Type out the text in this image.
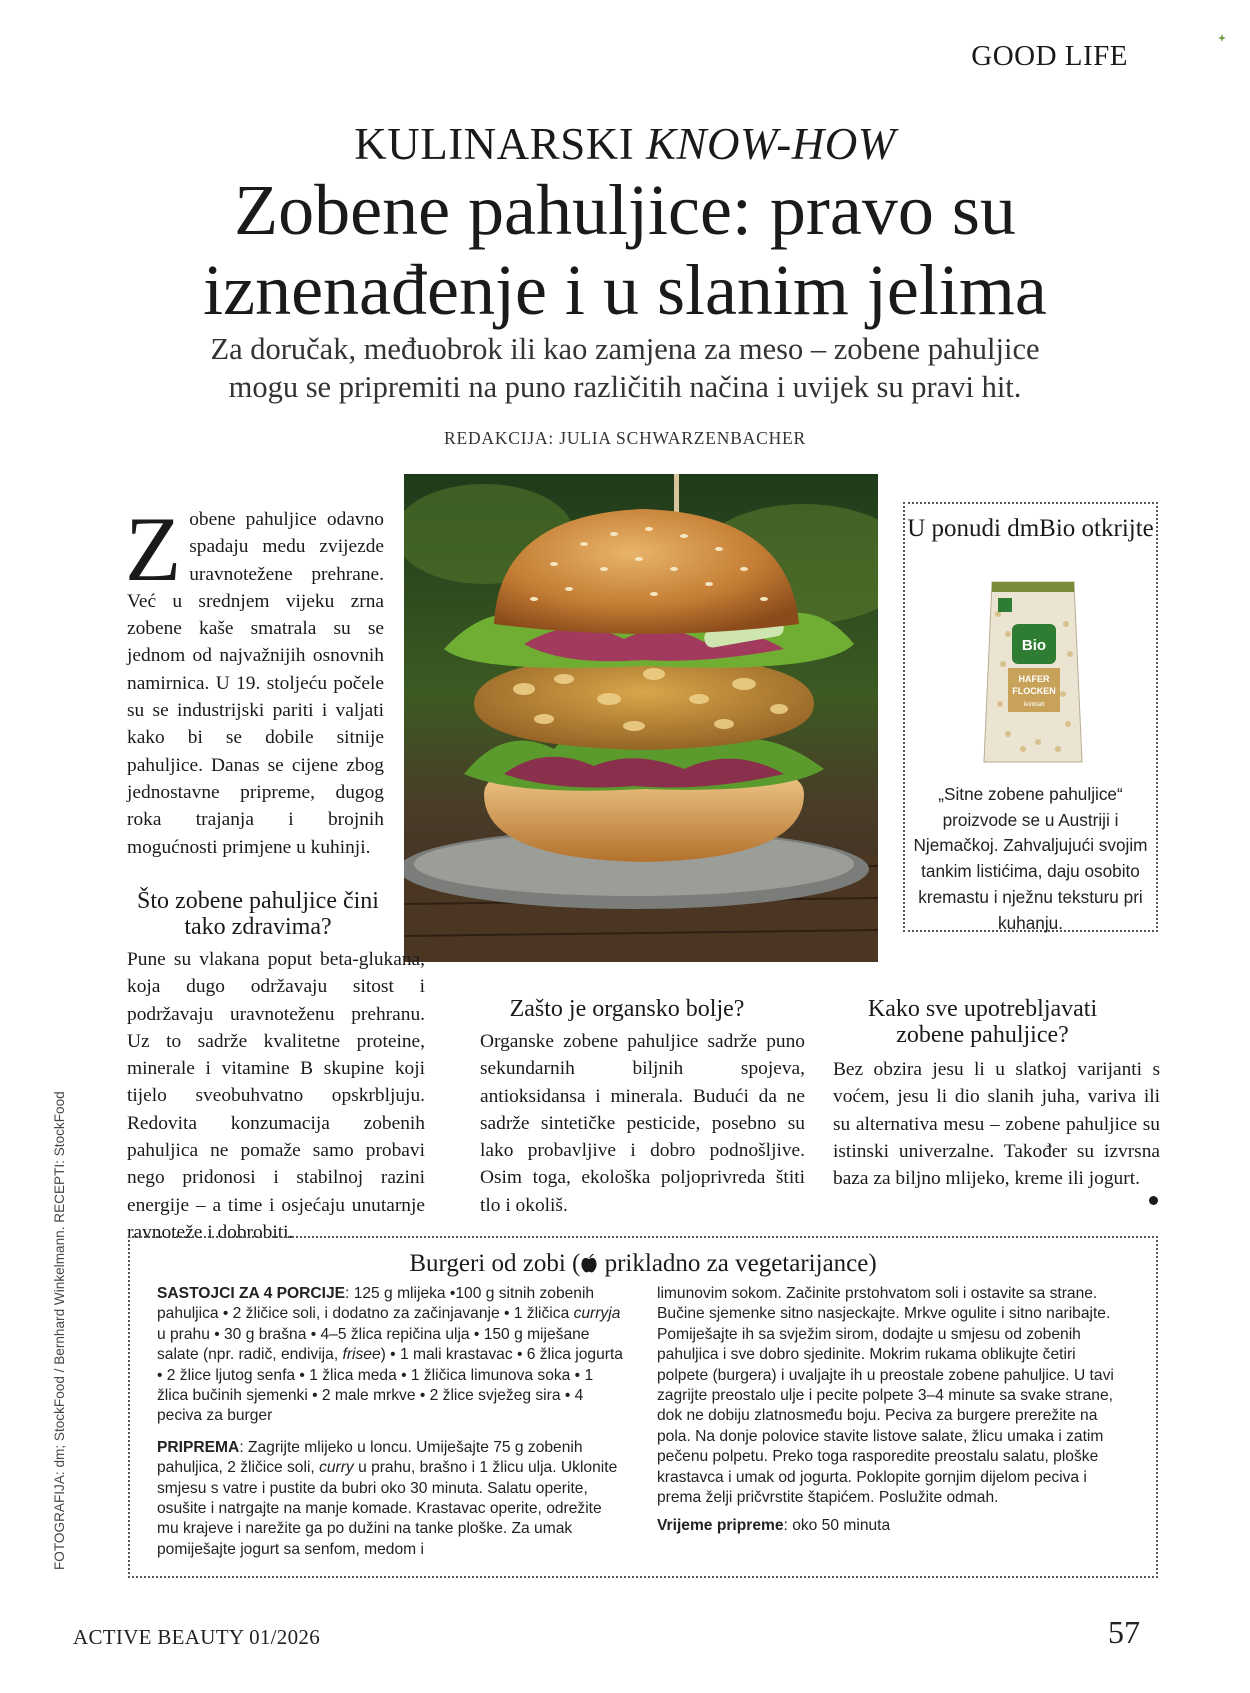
GOOD LIFE
KULINARSKI KNOW-HOW
Zobene pahuljice: pravo su
iznenađenje i u slanim jelima
Za doručak, međuobrok ili kao zamjena za meso – zobene pahuljice
mogu se pripremiti na puno različitih načina i uvijek su pravi hit.
REDAKCIJA: JULIA SCHWARZENBACHER
Zobene pahuljice odavno spadaju medu zvijezde uravnotežene prehrane. Već u srednjem vijeku zrna zobene kaše smatrala su se jednom od najvažnijih osnovnih namirnica. U 19. stoljeću počele su se industrijski pariti i valjati kako bi se dobile sitnije pahuljice. Danas se cijene zbog jednostavne pripreme, dugog roka trajanja i brojnih mogućnosti primjene u kuhinji.
U ponudi dmBio otkrijte
Bio
HAFER
FLOCKEN
feinblatt
„Sitne zobene pahuljice“ proizvode se u Austriji i Njemačkoj. Zahvaljujući svojim tankim listićima, daju osobito kremastu i nježnu teksturu pri kuhanju.
Što zobene pahuljice čini tako zdravima?
Pune su vlakana poput beta-glukana, koja dugo održavaju sitost i podržavaju uravnoteženu prehranu. Uz to sadrže kvalitetne proteine, minerale i vitamine B skupine koji tijelo sveobuhvatno opskrbljuju. Redovita konzumacija zobenih pahuljica ne pomaže samo probavi nego pridonosi i stabilnoj razini energije – a time i osjećaju unutarnje ravnoteže i dobrobiti.
Zašto je organsko bolje?
Organske zobene pahuljice sadrže puno sekundarnih biljnih spojeva, antioksidansa i minerala. Budući da ne sadrže sintetičke pesticide, posebno su lako probavljive i dobro podnošljive. Osim toga, ekološka poljoprivreda štiti tlo i okoliš.
Kako sve upotrebljavati zobene pahuljice?
Bez obzira jesu li u slatkoj varijanti s voćem, jesu li dio slanih juha, variva ili su alternativa mesu – zobene pahuljice su istinski univerzalne. Također su izvrsna baza za biljno mlijeko, kreme ili jogurt.
Burgeri od zobi ( prikladno za vegetarijance)
SASTOJCI ZA 4 PORCIJE: 125 g mlijeka •100 g sitnih zobenih pahuljica • 2 žličice soli, i dodatno za začinjavanje • 1 žličica curryja u prahu • 30 g brašna • 4–5 žlica repičina ulja • 150 g miješane salate (npr. radič, endivija, frisee) • 1 mali krastavac • 6 žlica jogurta • 2 žlice ljutog senfa • 1 žlica meda • 1 žličica limunova soka • 1 žlica bučinih sjemenki • 2 male mrkve • 2 žlice svježeg sira • 4 peciva za burger
PRIPREMA: Zagrijte mlijeko u loncu. Umiješajte 75 g zobenih pahuljica, 2 žličice soli, curry u prahu, brašno i 1 žlicu ulja. Uklonite smjesu s vatre i pustite da bubri oko 30 minuta. Salatu operite, osušite i natrgajte na manje komade. Krastavac operite, odrežite mu krajeve i narežite ga po dužini na tanke ploške. Za umak pomiješajte jogurt sa senfom, medom i
limunovim sokom. Začinite prstohvatom soli i ostavite sa strane. Bučine sjemenke sitno nasjeckajte. Mrkve ogulite i sitno naribajte. Pomiješajte ih sa svježim sirom, dodajte u smjesu od zobenih pahuljica i sve dobro sjedinite. Mokrim rukama oblikujte četiri polpete (burgera) i uvaljajte ih u preostale zobene pahuljice. U tavi zagrijte preostalo ulje i pecite polpete 3–4 minute sa svake strane, dok ne dobiju zlatnosmeđu boju. Peciva za burgere prerežite na pola. Na donje polovice stavite listove salate, žlicu umaka i zatim pečenu polpetu. Preko toga rasporedite preostalu salatu, ploške krastavca i umak od jogurta. Poklopite gornjim dijelom peciva i prema želji pričvrstite štapićem. Poslužite odmah.
Vrijeme pripreme: oko 50 minuta
FOTOGRAFIJA: dm; StockFood / Bernhard Winkelmann. RECEPTI: StockFood
ACTIVE BEAUTY 01/2026	57
